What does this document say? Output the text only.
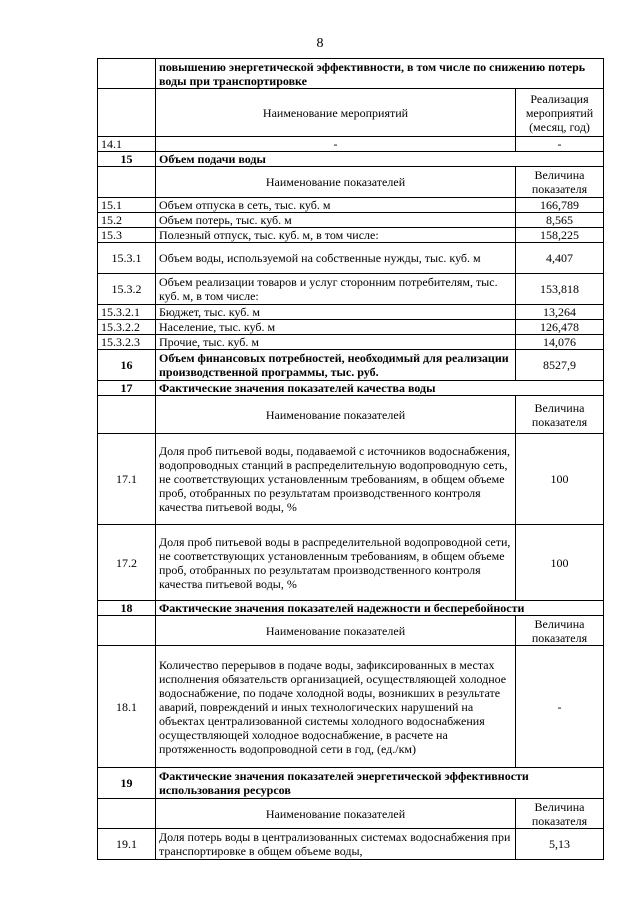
8
	повышению энергетической эффективности, в том числе по снижению потерь воды при транспортировке	
	Наименование мероприятий	Реализация мероприятий (месяц, год)
14.1	-	-
15	Объем подачи воды	
	Наименование показателей	Величина показателя
15.1	Объем отпуска в сеть, тыс. куб. м	166,789
15.2	Объем потерь, тыс. куб. м	8,565
15.3	Полезный отпуск, тыс. куб. м, в том числе:	158,225
15.3.1	Объем воды, используемой на собственные нужды, тыс. куб. м	4,407
15.3.2	Объем реализации товаров и услуг сторонним потребителям, тыс. куб. м, в том числе:	153,818
15.3.2.1	Бюджет, тыс. куб. м	13,264
15.3.2.2	Население, тыс. куб. м	126,478
15.3.2.3	Прочие, тыс. куб. м	14,076
16	Объем финансовых потребностей, необходимый для реализации производственной программы, тыс. руб.	8527,9
17	Фактические значения показателей качества воды	
	Наименование показателей	Величина показателя
17.1	Доля проб питьевой воды, подаваемой с источников водоснабжения, водопроводных станций в распределительную водопроводную сеть, не соответствующих установленным требованиям, в общем объеме проб, отобранных по результатам производственного контроля качества питьевой воды, %	100
17.2	Доля проб питьевой воды в распределительной водопроводной сети, не соответствующих установленным требованиям, в общем объеме проб, отобранных по результатам производственного контроля качества питьевой воды, %	100
18	Фактические значения показателей надежности и бесперебойности	
	Наименование показателей	Величина показателя
18.1	Количество перерывов в подаче воды, зафиксированных в местах исполнения обязательств организацией, осуществляющей холодное водоснабжение, по подаче холодной воды, возникших в результате аварий, повреждений и иных технологических нарушений на объектах централизованной системы холодного водоснабжения осуществляющей холодное водоснабжение, в расчете на протяженность водопроводной сети в год, (ед./км)	-
19	Фактические значения показателей энергетической эффективности использования ресурсов	
	Наименование показателей	Величина показателя
19.1	Доля потерь воды в централизованных системах водоснабжения при транспортировке в общем объеме воды,	5,13
